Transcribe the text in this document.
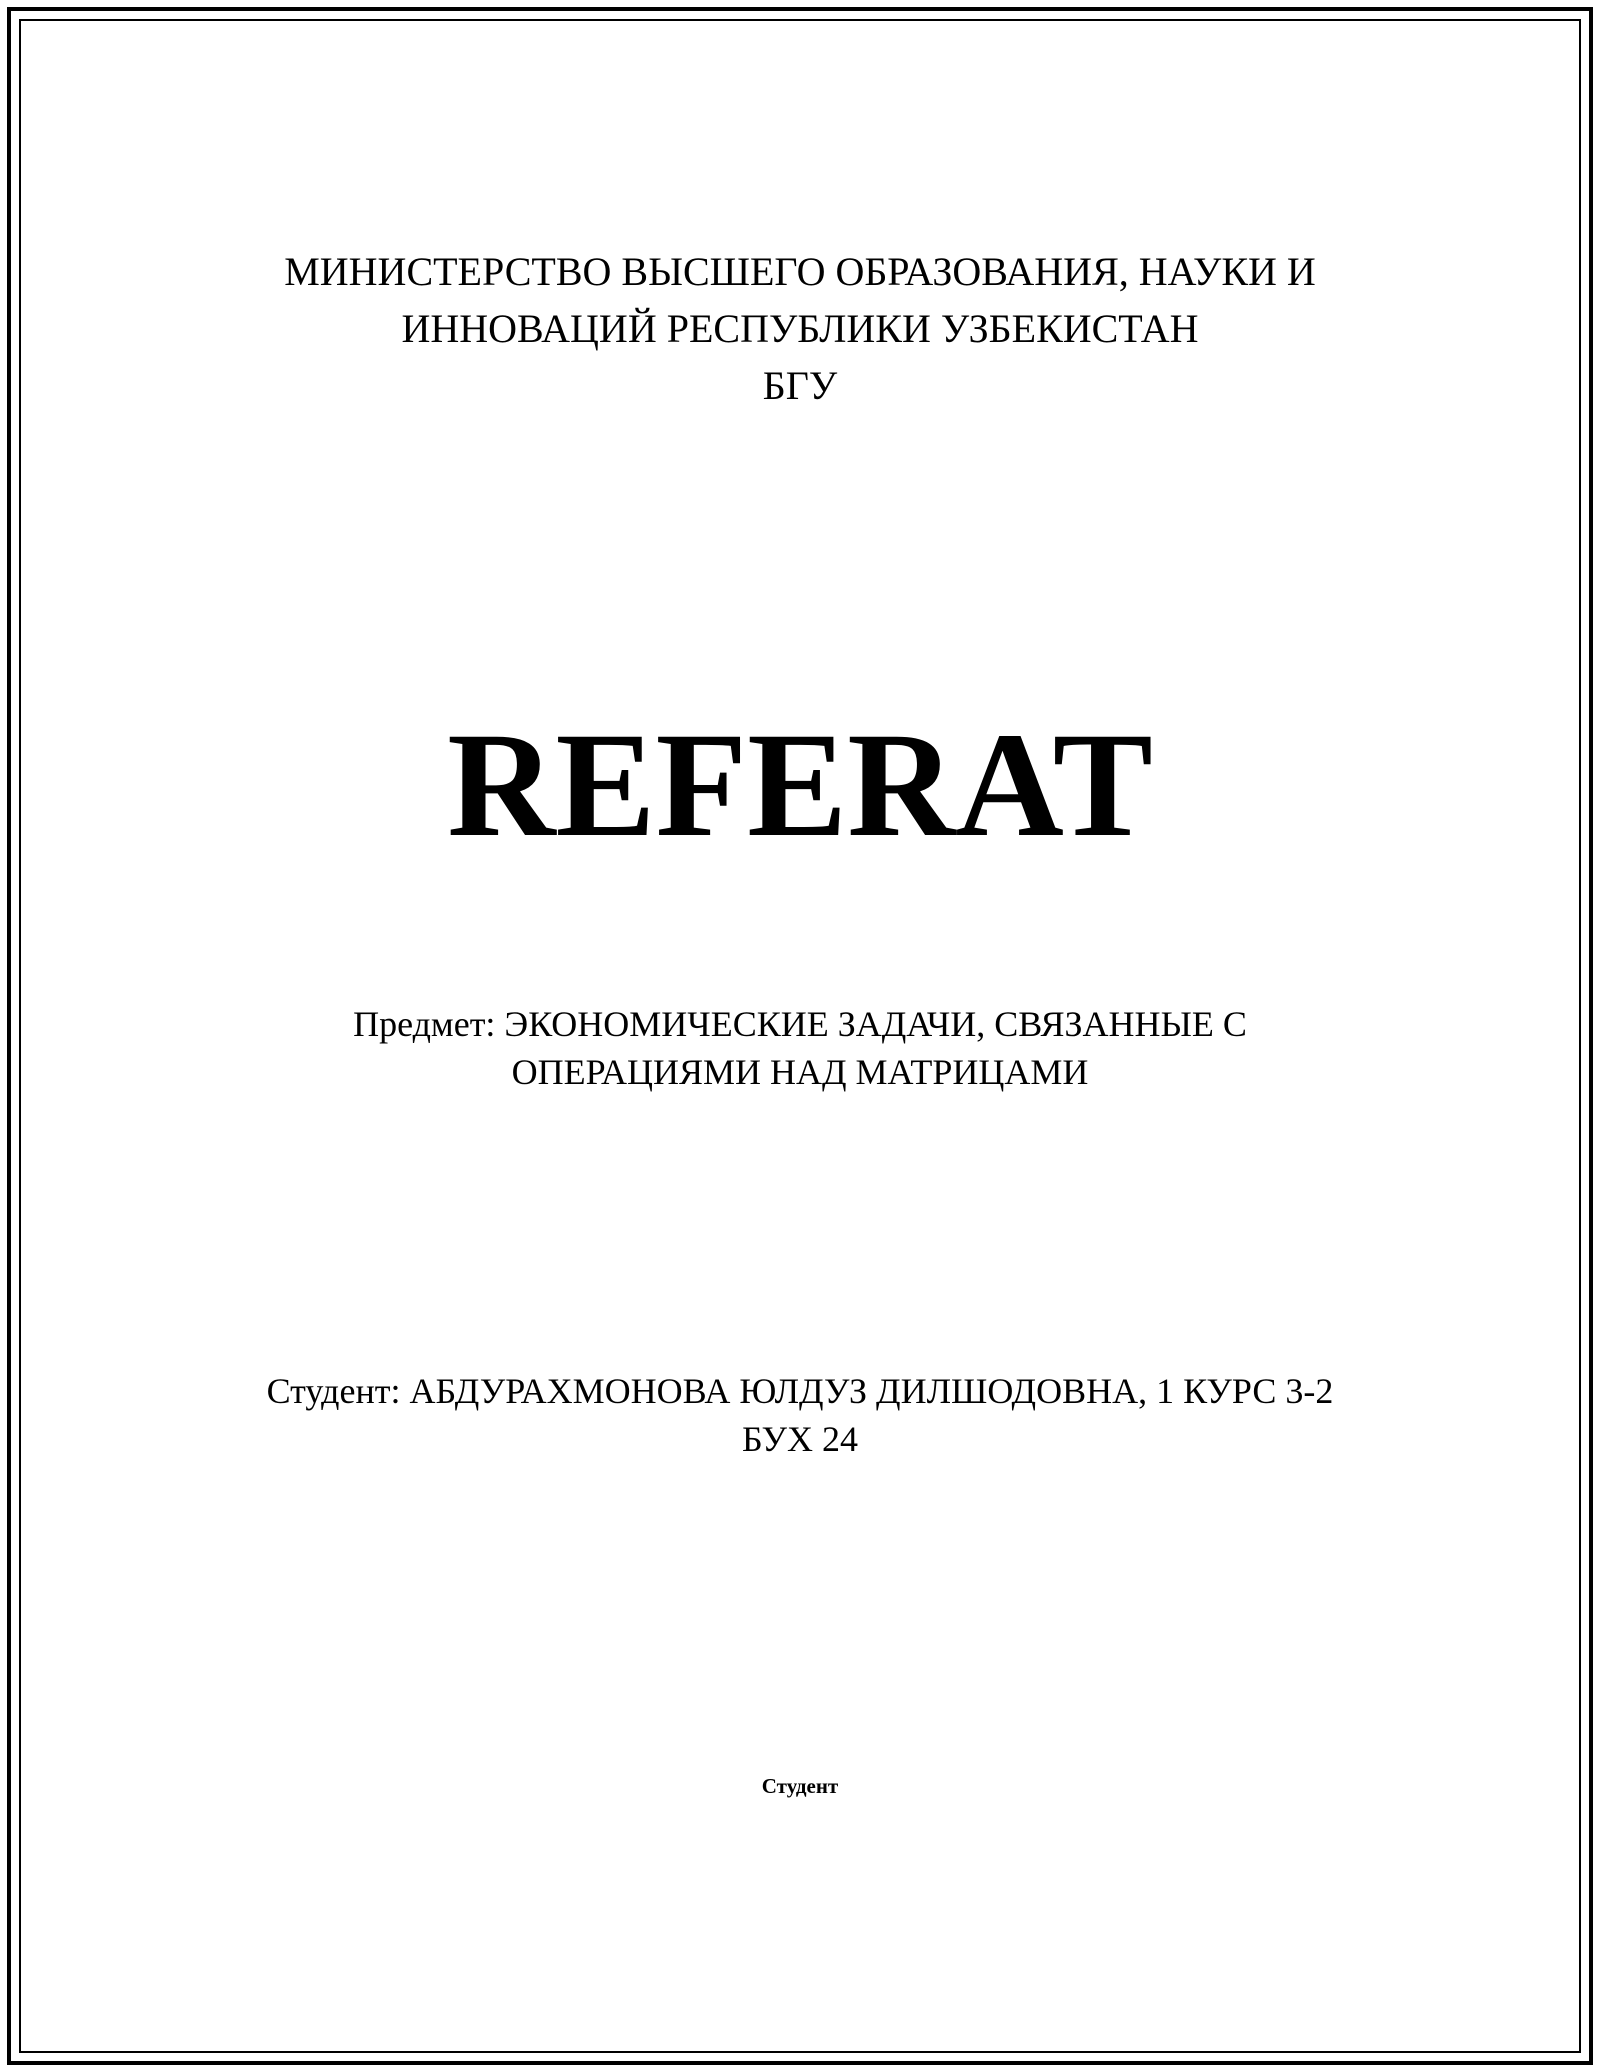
МИНИСТЕРСТВО ВЫСШЕГО ОБРАЗОВАНИЯ, НАУКИ И
ИННОВАЦИЙ РЕСПУБЛИКИ УЗБЕКИСТАН
БГУ
REFERAT
Предмет: ЭКОНОМИЧЕСКИЕ ЗАДАЧИ, СВЯЗАННЫЕ С
ОПЕРАЦИЯМИ НАД МАТРИЦАМИ
Студент: АБДУРАХМОНОВА ЮЛДУЗ ДИЛШОДОВНА, 1 КУРС 3-2
БУХ 24
Студент
